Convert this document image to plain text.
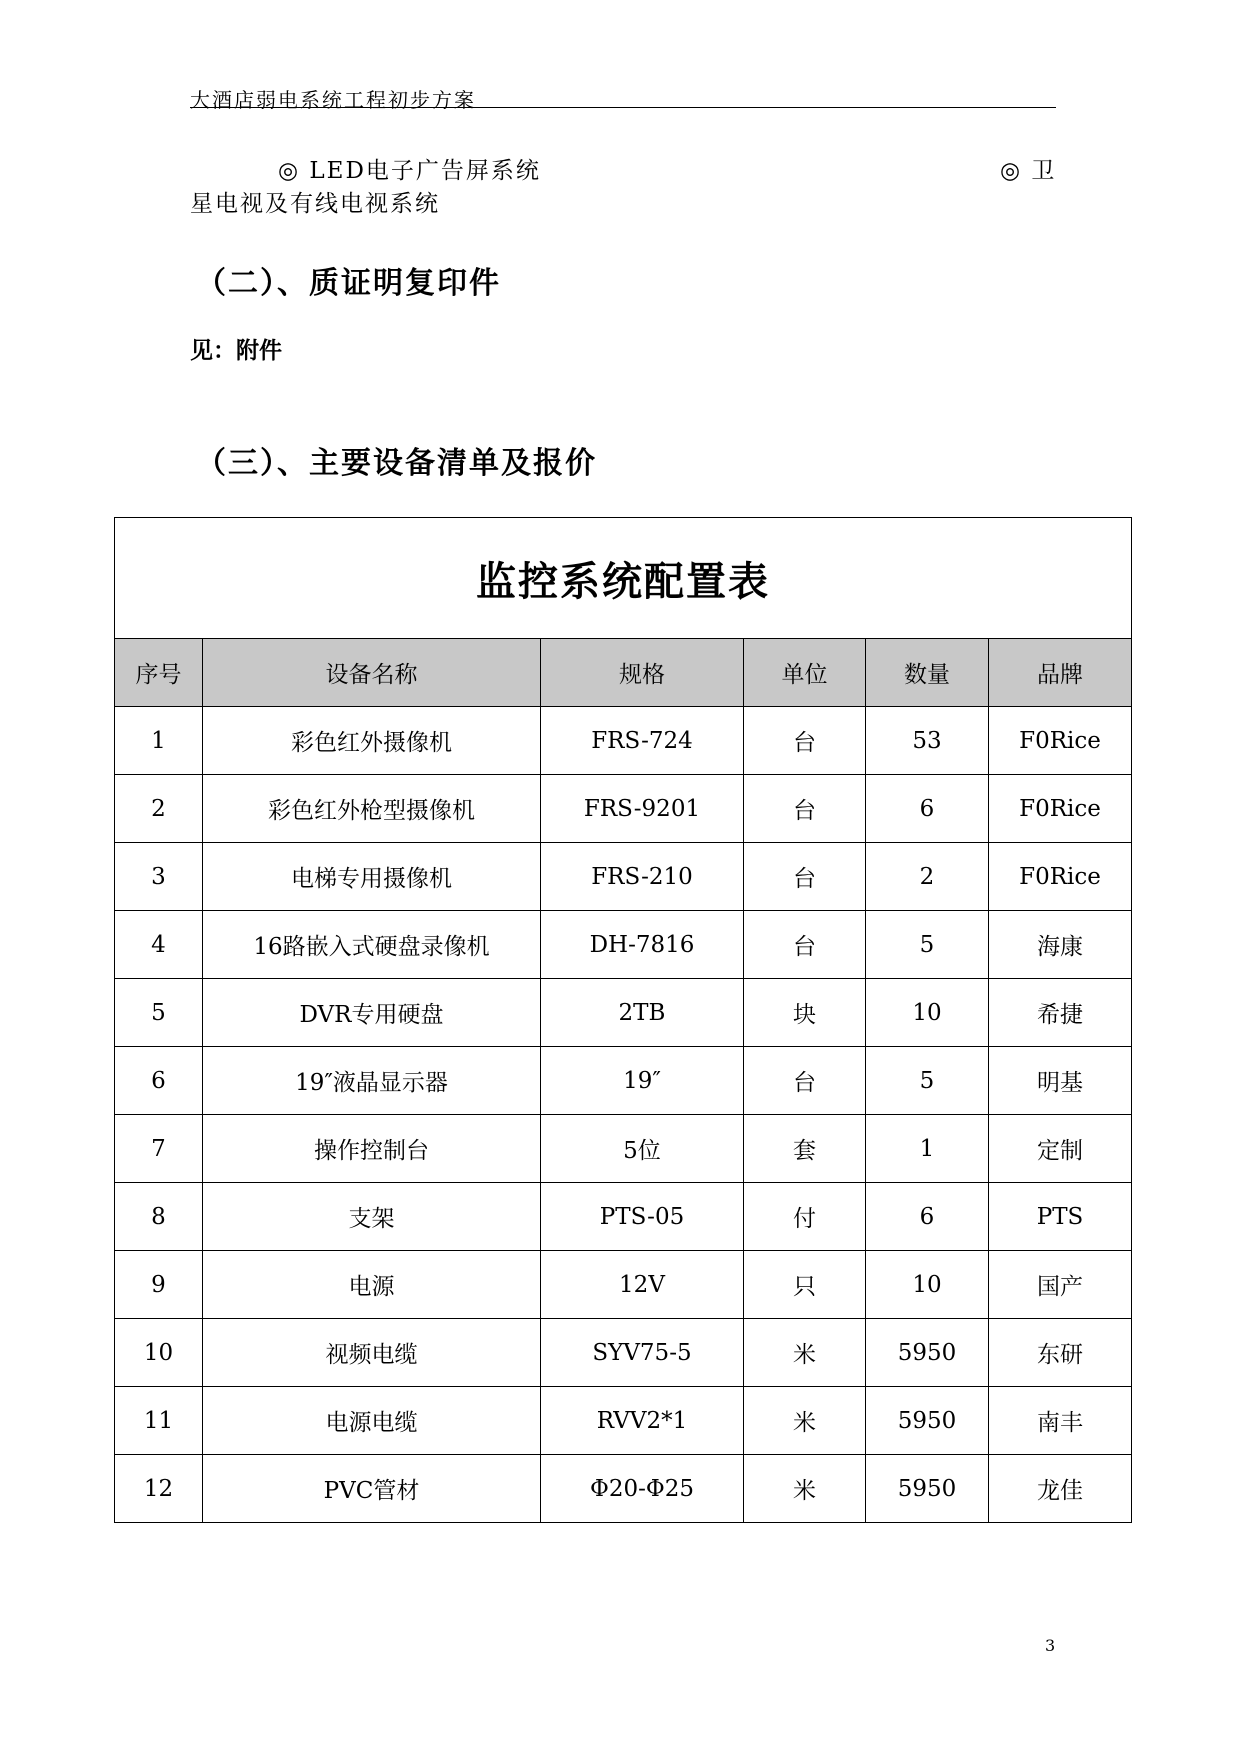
大酒店弱电系统工程初步方案
◎ LED电子广告屏系统	◎ 卫
星电视及有线电视系统
（二）、质证明复印件
见：附件
（三）、主要设备清单及报价
监控系统配置表					
序号	设备名称	规格	单位	数量	品牌
1	彩色红外摄像机	FRS-724	台	53	F0Rice
2	彩色红外枪型摄像机	FRS-9201	台	6	F0Rice
3	电梯专用摄像机	FRS-210	台	2	F0Rice
4	16路嵌入式硬盘录像机	DH-7816	台	5	海康
5	DVR专用硬盘	2TB	块	10	希捷
6	19″液晶显示器	19″	台	5	明基
7	操作控制台	5位	套	1	定制
8	支架	PTS-05	付	6	PTS
9	电源	12V	只	10	国产
10	视频电缆	SYV75-5	米	5950	东研
11	电源电缆	RVV2*1	米	5950	南丰
12	PVC管材	Φ20-Φ25	米	5950	龙佳
3
